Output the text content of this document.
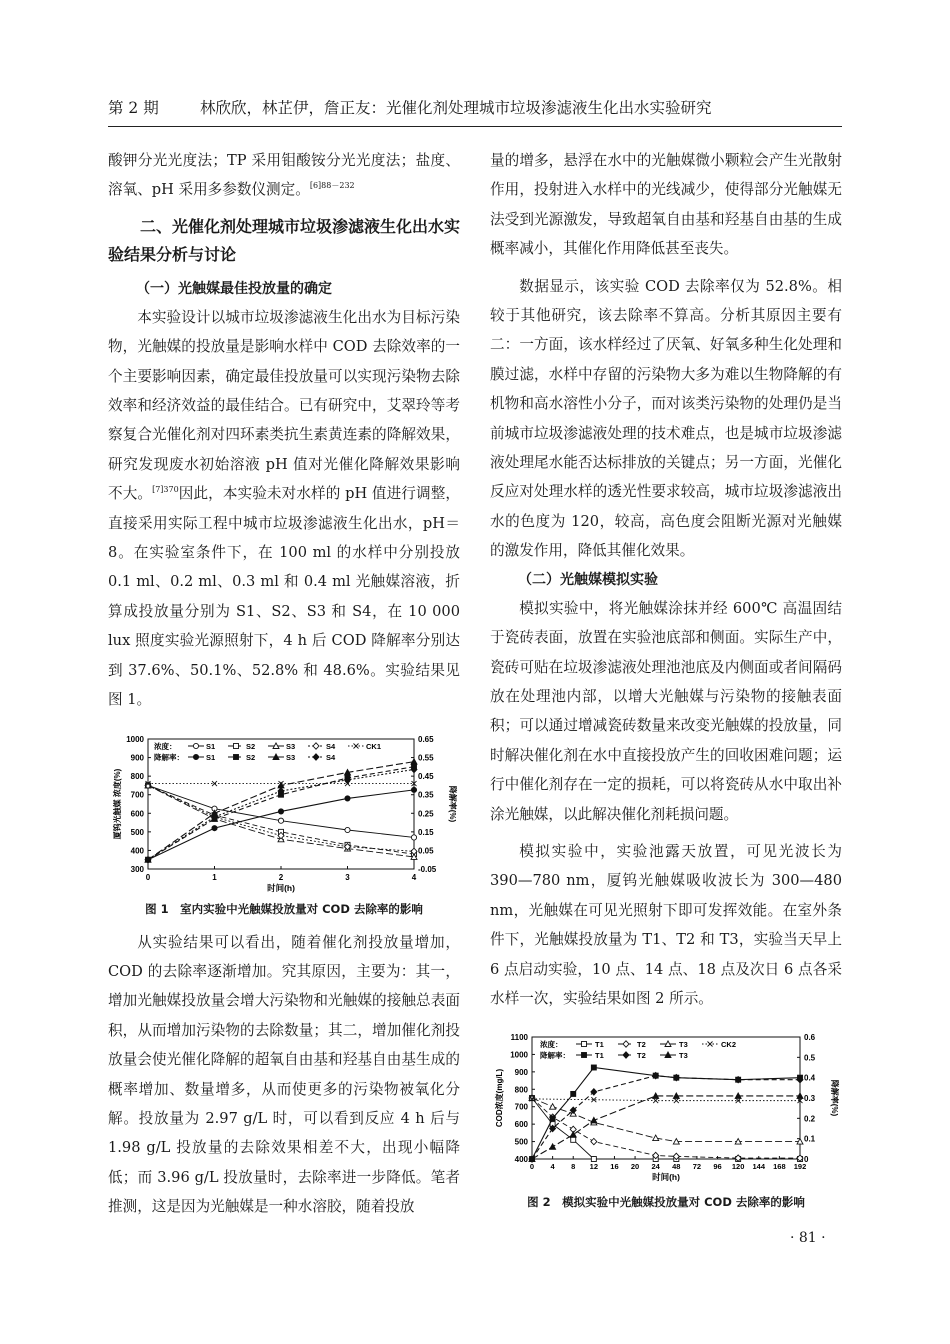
第 2 期	林欣欣，林芷伊，詹正友：光催化剂处理城市垃圾渗滤液生化出水实验研究

酸钾分光光度法；TP 采用钼酸铵分光光度法；盐度、溶氧、pH 采用多参数仪测定。$^{[6]88-232}$

二、光催化剂处理城市垃圾渗滤液生化出水实验结果分析与讨论
（一）光触媒最佳投放量的确定

本实验设计以城市垃圾渗滤液生化出水为目标污染物，光触媒的投放量是影响水样中 COD 去除效率的一个主要影响因素，确定最佳投放量可以实现污染物去除效率和经济效益的最佳结合。已有研究中，艾翠玲等考察复合光催化剂对四环素类抗生素黄连素的降解效果，研究发现废水初始溶液 pH 值对光催化降解效果影响不大。$^{[7]370}$因此，本实验未对水样的 pH 值进行调整，直接采用实际工程中城市垃圾渗滤液生化出水，pH＝8。在实验室条件下，在 100 ml 的水样中分别投放 0.1 ml、0.2 ml、0.3 ml 和 0.4 ml 光触媒溶液，折算成投放量分别为 S1、S2、S3 和 S4，在 10 000 lux 照度实验光源照射下，4 h 后 COD 降解率分别达到 37.6%、50.1%、52.8% 和 48.6%。实验结果见图 1。

300
400
500
600
700
800
900
1000
-0.05
0.05
0.15
0.25
0.35
0.45
0.55
0.65
0	1	2	3	4
时间(h)
厦钨光触媒 浓度(%)	降解率(%)
浓度：
降解率：
S1	S2	S3	S4	CK1
S1	S2	S3	S4
图 1　室内实验中光触媒投放量对 COD 去除率的影响

从实验结果可以看出，随着催化剂投放量增加，COD 的去除率逐渐增加。究其原因，主要为：其一，增加光触媒投放量会增大污染物和光触媒的接触总表面积，从而增加污染物的去除数量；其二，增加催化剂投放量会使光催化降解的超氧自由基和羟基自由基生成的概率增加、数量增多，从而使更多的污染物被氧化分解。投放量为 2.97 g/L 时，可以看到反应 4 h 后与 1.98 g/L 投放量的去除效果相差不大，出现小幅降低；而 3.96 g/L 投放量时，去除率进一步降低。笔者推测，这是因为光触媒是一种水溶胶，随着投放

量的增多，悬浮在水中的光触媒微小颗粒会产生光散射作用，投射进入水样中的光线减少，使得部分光触媒无法受到光源激发，导致超氧自由基和羟基自由基的生成概率减小，其催化作用降低甚至丧失。

数据显示，该实验 COD 去除率仅为 52.8%。相较于其他研究，该去除率不算高。分析其原因主要有二：一方面，该水样经过了厌氧、好氧多种生化处理和膜过滤，水样中存留的污染物大多为难以生物降解的有机物和高水溶性小分子，而对该类污染物的处理仍是当前城市垃圾渗滤液处理的技术难点，也是城市垃圾渗滤液处理尾水能否达标排放的关键点；另一方面，光催化反应对处理水样的透光性要求较高，城市垃圾渗滤液出水的色度为 120，较高，高色度会阻断光源对光触媒的激发作用，降低其催化效果。

（二）光触媒模拟实验

模拟实验中，将光触媒涂抹并经 600℃ 高温固结于瓷砖表面，放置在实验池底部和侧面。实际生产中，瓷砖可贴在垃圾渗滤液处理池池底及内侧面或者间隔码放在处理池内部，以增大光触媒与污染物的接触表面积；可以通过增减瓷砖数量来改变光触媒的投放量，同时解决催化剂在水中直接投放产生的回收困难问题；运行中催化剂存在一定的损耗，可以将瓷砖从水中取出补涂光触媒，以此解决催化剂耗损问题。

模拟实验中，实验池露天放置，可见光波长为 390—780 nm，厦钨光触媒吸收波长为 300—480 nm，光触媒在可见光照射下即可发挥效能。在室外条件下，光触媒投放量为 T1、T2 和 T3，实验当天早上 6 点启动实验，10 点、14 点、18 点及次日 6 点各采水样一次，实验结果如图 2 所示。

400
500
600
700
800
900
1000
1100
0
0.1
0.2
0.3
0.4
0.5
0.6
0 4 8 12 16 20 24 48 72 96 120 144 168 192
时间(h)
COD浓度(mg/L)	降解率(%)
浓度：
降解率：
T1	T2	T3	CK2
T1	T2	T3
图 2　模拟实验中光触媒投放量对 COD 去除率的影响
· 81 ·
